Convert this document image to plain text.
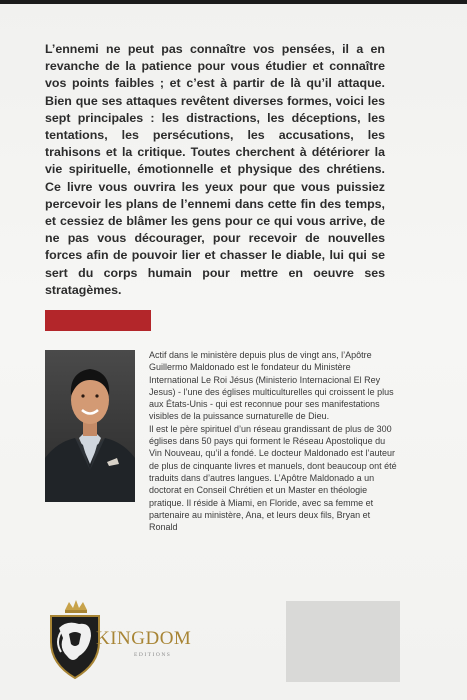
L’ennemi ne peut pas connaître vos pensées, il a en revanche de la patience pour vous étudier et connaître vos points faibles ; et c’est à partir de là qu’il attaque. Bien que ses attaques revêtent diverses formes, voici les sept principales : les distractions, les déceptions, les tentations, les persécutions, les accusations, les trahisons et la critique. Toutes cherchent à détériorer la vie spirituelle, émotionnelle et physique des chrétiens. Ce livre vous ouvrira les yeux pour que vous puissiez percevoir les plans de l’ennemi dans cette fin des temps, et cessiez de blâmer les gens pour ce qui vous arrive, de ne pas vous décourager, pour recevoir de nouvelles forces afin de pouvoir lier et chasser le diable, lui qui se sert du corps humain pour mettre en oeuvre ses stratagèmes.

Actif dans le ministère depuis plus de vingt ans, l’Apôtre Guillermo Maldonado est le fondateur du Ministère International Le Roi Jésus (Ministerio Internacional El Rey Jesus) - l’une des églises multiculturelles qui croissent le plus aux États-Unis - qui est reconnue pour ses manifestations visibles de la puissance surnaturelle de Dieu.

Il est le père spirituel d’un réseau grandissant de plus de 300 églises dans 50 pays qui forment le Réseau Apostolique du Vin Nouveau, qu’il a fondé. Le docteur Maldonado est l’auteur de plus de cinquante livres et manuels, dont beaucoup ont été traduits dans d’autres langues. L’Apôtre Maldonado a un doctorat en Conseil Chrétien et un Master en théologie pratique. Il réside à Miami, en Floride, avec sa femme et partenaire au ministère, Ana, et leurs deux fils, Bryan et Ronald

KINGDOM
EDITIONS
